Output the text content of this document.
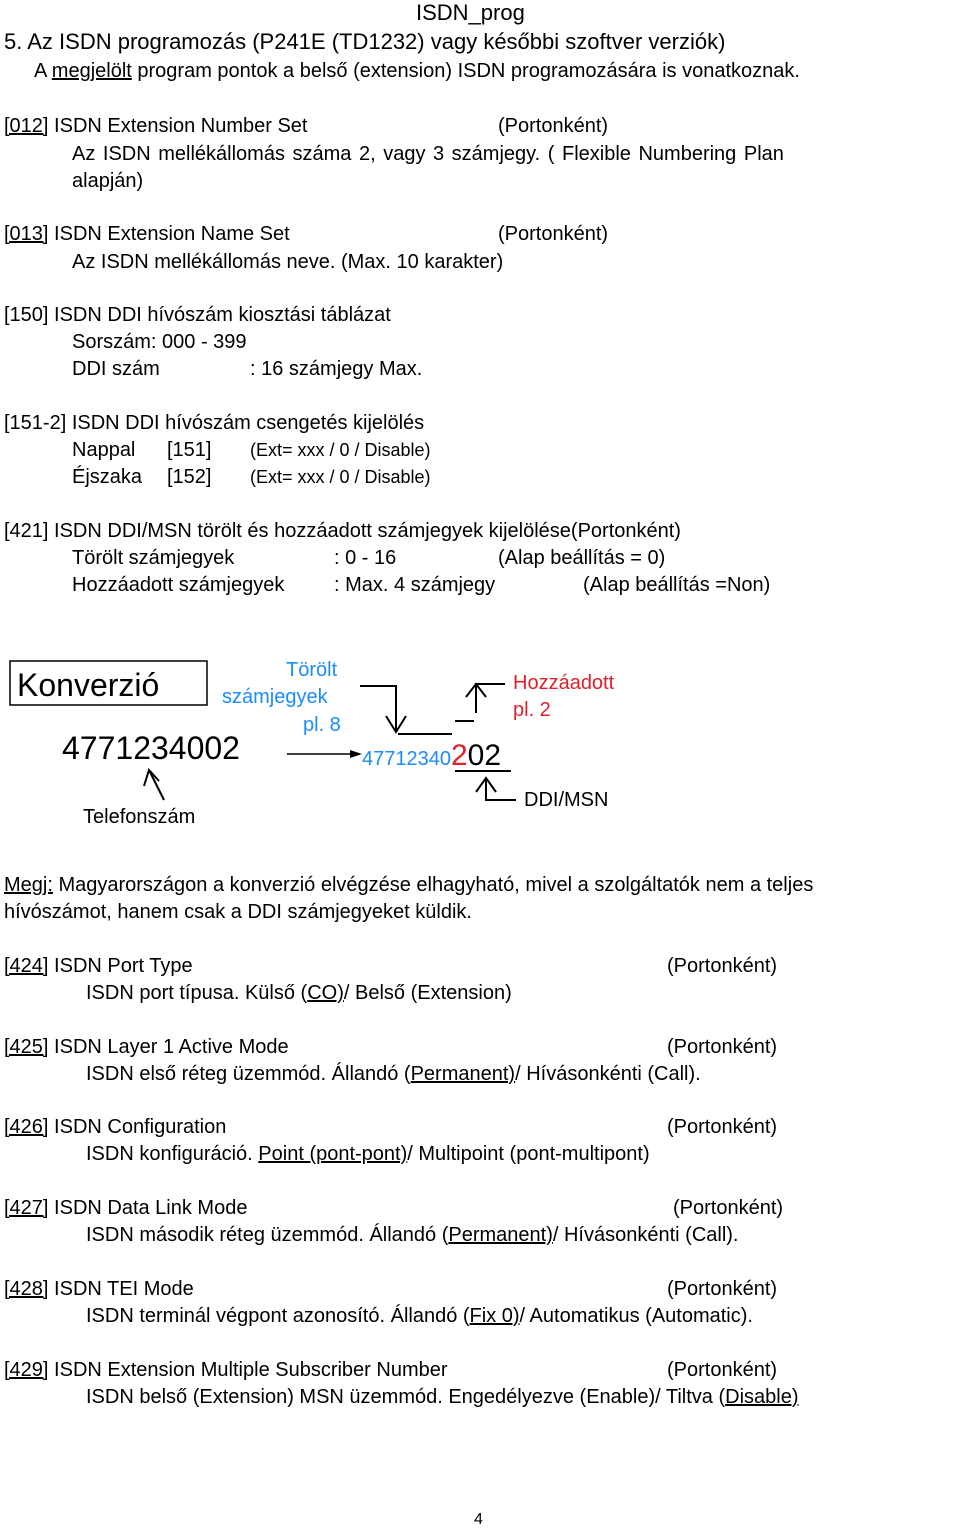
ISDN_prog
5. Az ISDN programozás (P241E (TD1232) vagy későbbi szoftver verziók)
A megjelölt program pontok a belső (extension) ISDN programozására is vonatkoznak.
[012] ISDN Extension Number Set	(Portonként)
Az ISDN mellékállomás száma 2, vagy 3 számjegy. ( Flexible Numbering Plan
alapján)
[013] ISDN Extension Name Set	(Portonként)
Az ISDN mellékállomás neve. (Max. 10 karakter)
[150] ISDN DDI hívószám kiosztási táblázat
Sorszám: 000 - 399
DDI szám	: 16 számjegy Max.
[151-2] ISDN DDI hívószám csengetés kijelölés
Nappal [151] (Ext= xxx / 0 / Disable)
Éjszaka [152] (Ext= xxx / 0 / Disable)
[421] ISDN DDI/MSN törölt és hozzáadott számjegyek kijelölése(Portonként)
Törölt számjegyek	: 0 - 16	(Alap beállítás = 0)
Hozzáadott számjegyek : Max. 4 számjegy	(Alap beállítás =Non)
Konverzió	Törölt
számjegyek
pl. 8
Hozzáadott
pl. 2
4771234002	47712340202
Telefonszám
DDI/MSN
Megj: Magyarországon a konverzió elvégzése elhagyható, mivel a szolgáltatók nem a teljes
hívószámot, hanem csak a DDI számjegyeket küldik.
[424] ISDN Port Type	(Portonként)
ISDN port típusa. Külső (CO)/ Belső (Extension)
[425] ISDN Layer 1 Active Mode	(Portonként)
ISDN első réteg üzemmód. Állandó (Permanent)/ Hívásonkénti (Call).
[426] ISDN Configuration	(Portonként)
ISDN konfiguráció. Point (pont-pont)/ Multipoint (pont-multipont)
[427] ISDN Data Link Mode	(Portonként)
ISDN második réteg üzemmód. Állandó (Permanent)/ Hívásonkénti (Call).
[428] ISDN TEI Mode	(Portonként)
ISDN terminál végpont azonosító. Állandó (Fix 0)/ Automatikus (Automatic).
[429] ISDN Extension Multiple Subscriber Number	(Portonként)
ISDN belső (Extension) MSN üzemmód. Engedélyezve (Enable)/ Tiltva (Disable)
4
